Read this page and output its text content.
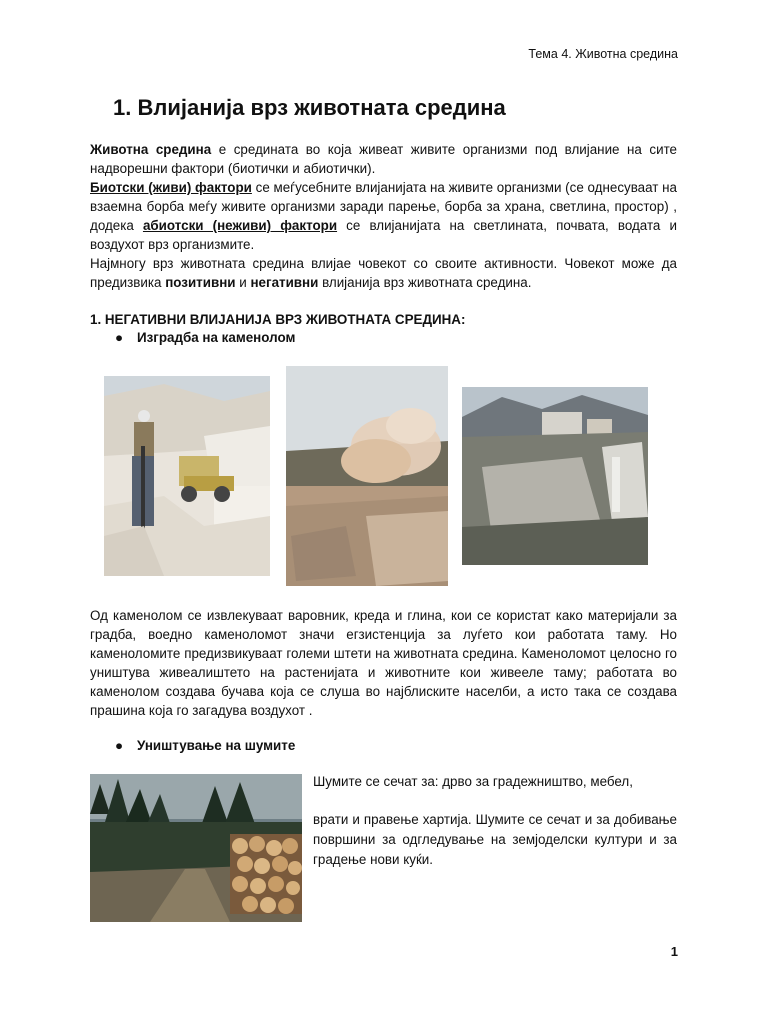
Тема 4. Животна средина
1. Влијанија врз животната средина

Животна средина е средината во која живеат живите организми под влијание на сите надворешни фактори (биотички и абиотички).

Биотски (живи) фактори се меѓусебните влијанијата на живите организми (се однесуваат на взаемна борба меѓу живите организми заради парење, борба за храна, светлина, простор) , додека абиотски (неживи) фактори се влијанијата на светлината, почвата, водата и воздухот врз организмите.

Најмногу врз животната средина влијае човекот со своите активности. Човекот може да предизвика позитивни и негативни влијанија врз животната средина.

1. НЕГАТИВНИ ВЛИЈАНИЈА ВРЗ ЖИВОТНАТА СРЕДИНА:
● Изградба на каменолом

Од каменолом се извлекуваат варовник, креда и глина, кои се користат како материјали за градба, воедно каменоломот значи егзистенција за луѓето кои работата таму. Но каменоломите предизвикуваат големи штети на животната средина. Каменоломот целосно го уништува живеалиштето на растенијата и животните кои живееле таму; работата во каменолом создава бучава која се слуша во најблиските населби, а исто така се создава прашина која го загадува воздухот .

● Уништување на шумите

Шумите се сечат за: дрво за градежништво, мебел,

врати и правење хартија. Шумите се сечат и за добивање површини за одгледување на земјоделски култури и за градење нови куќи.

1
